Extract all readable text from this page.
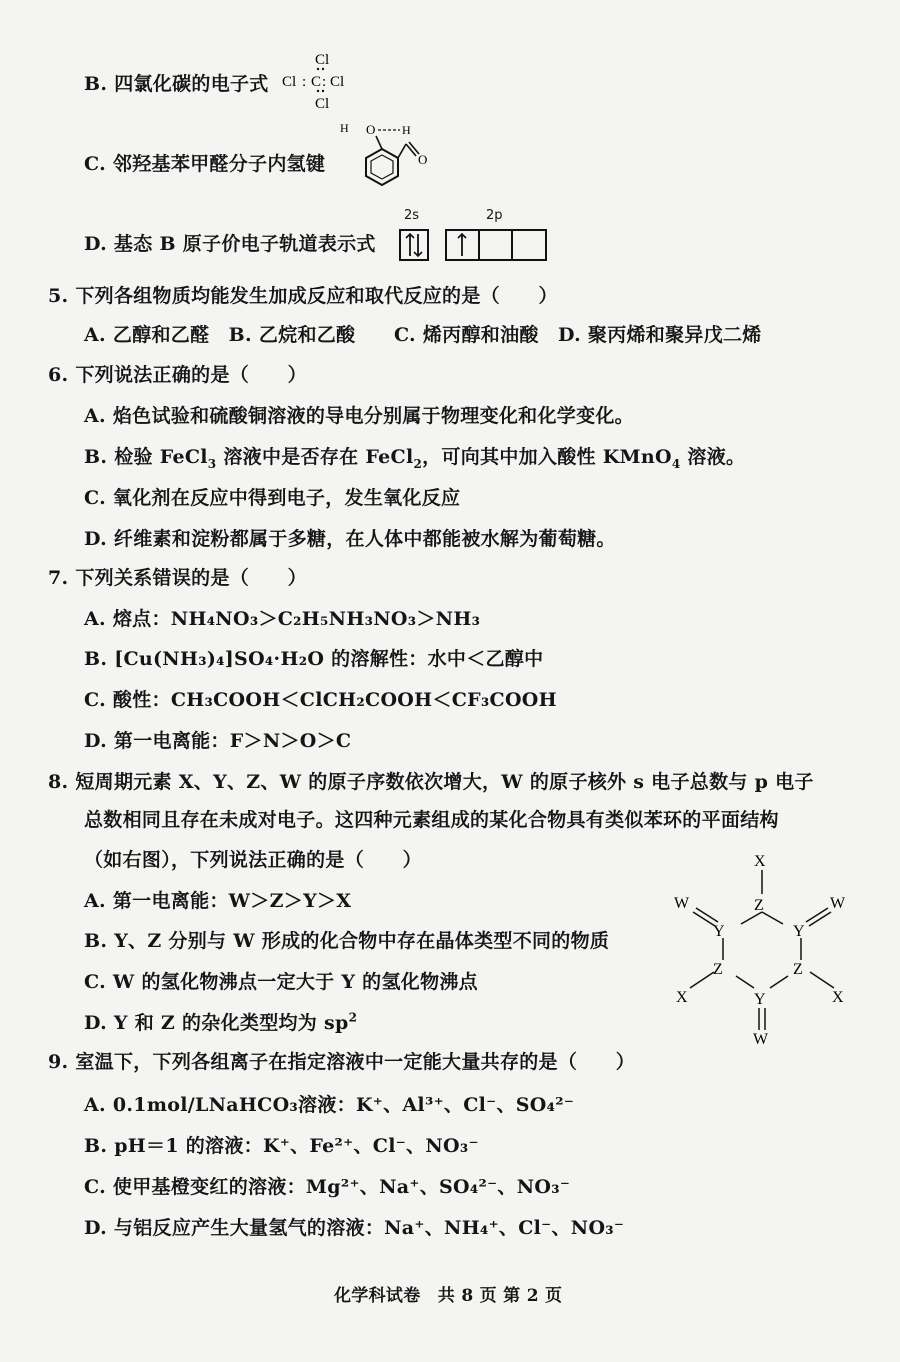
B. 四氯化碳的电子式
Cl
Cl : C : Cl
Cl
C. 邻羟基苯甲醛分子内氢键
H O H
O
D. 基态 B 原子价电子轨道表示式
2s	2p
5. 下列各组物质均能发生加成反应和取代反应的是（　　）
A. 乙醇和乙醛　B. 乙烷和乙酸　　C. 烯丙醇和油酸　D. 聚丙烯和聚异戊二烯
6. 下列说法正确的是（　　）
A. 焰色试验和硫酸铜溶液的导电分别属于物理变化和化学变化。
B. 检验 FeCl$_3$ 溶液中是否存在 FeCl$_2$，可向其中加入酸性 KMnO$_4$ 溶液。
C. 氧化剂在反应中得到电子，发生氧化反应
D. 纤维素和淀粉都属于多糖，在人体中都能被水解为葡萄糖。
7. 下列关系错误的是（　　）
A. 熔点：NH₄NO₃＞C₂H₅NH₃NO₃＞NH₃
B. [Cu(NH₃)₄]SO₄·H₂O 的溶解性：水中＜乙醇中
C. 酸性：CH₃COOH＜ClCH₂COOH＜CF₃COOH
D. 第一电离能：F＞N＞O＞C
8. 短周期元素 X、Y、Z、W 的原子序数依次增大，W 的原子核外 s 电子总数与 p 电子
总数相同且存在未成对电子。这四种元素组成的某化合物具有类似苯环的平面结构
（如右图），下列说法正确的是（　　）
A. 第一电离能：W＞Z＞Y＞X
B. Y、Z 分别与 W 形成的化合物中存在晶体类型不同的物质
C. W 的氢化物沸点一定大于 Y 的氢化物沸点
D. Y 和 Z 的杂化类型均为 $sp^2$
X
Z
Y
Y
Z
Z
Y
W
W
X
X
W
9. 室温下，下列各组离子在指定溶液中一定能大量共存的是（　　）
A. 0.1mol/LNaHCO₃溶液：K⁺、Al³⁺、Cl⁻、SO₄²⁻
B. pH＝1 的溶液：K⁺、Fe²⁺、Cl⁻、NO₃⁻
C. 使甲基橙变红的溶液：Mg²⁺、Na⁺、SO₄²⁻、NO₃⁻
D. 与铝反应产生大量氢气的溶液：Na⁺、NH₄⁺、Cl⁻、NO₃⁻
化学科试卷　共 8 页 第 2 页
